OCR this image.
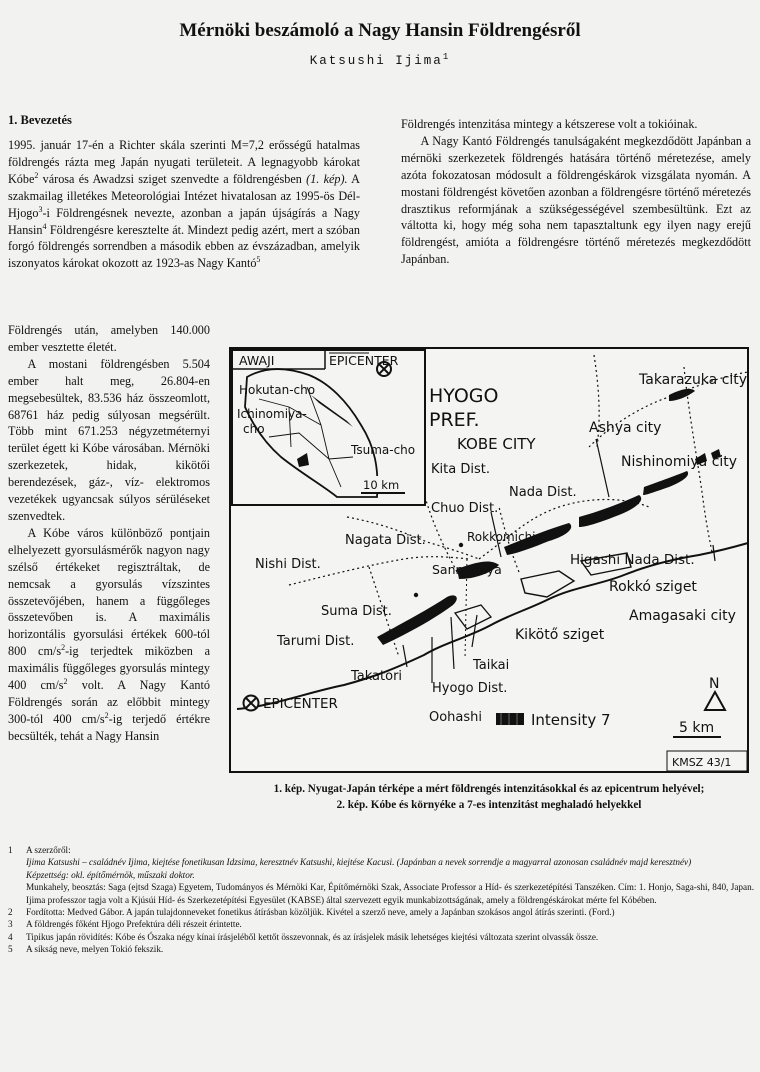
Mérnöki beszámoló a Nagy Hansin Földrengésről
Katsushi Ijima$^1$
1. Bevezetés

1995. január 17-én a Richter skála szerinti M=7,2 erősségű hatalmas földrengés rázta meg Japán nyugati területeit. A legnagyobb károkat Kóbe$^2$ városa és Awadzsi sziget szenvedte a földrengésben (1. kép). A szakmailag illetékes Meteorológiai Intézet hivatalosan az 1995-ös Dél-Hjogo$^3$-i Földrengésnek nevezte, azonban a japán újságírás a Nagy Hansin$^4$ Földrengésre keresztelte át. Mindezt pedig azért, mert a szóban forgó földrengés sorrendben a második ebben az évszázadban, amelyik iszonyatos károkat okozott az 1923-as Nagy Kantó$^5$

Földrengés után, amelyben 140.000 ember vesztette életét.

A mostani földrengésben 5.504 ember halt meg, 26.804-en megsebesültek, 83.536 ház összeomlott, 68761 ház pedig súlyosan megsérült. Több mint 671.253 négyzetméternyi terület égett ki Kóbe városában. Mérnöki szerkezetek, hidak, kikötői berendezések, gáz-, víz- elektromos vezetékek ugyancsak súlyos sérüléseket szenvedtek.

A Kóbe város különböző pontjain elhelyezett gyorsulásmérők nagyon nagy szélső értékeket regisztráltak, de nemcsak a gyorsulás vízszintes összetevőjében, hanem a függőleges összetevőben is. A maximális horizontális gyorsulási értékek 600-tól 800 $cm/s^2-ig$ terjedtek miközben a maximális függőleges gyorsulás mintegy 400 $cm/s^2$ volt. A Nagy Kantó Földrengés során az előbbit mintegy 300-tól 400 $cm/s^2-ig$ terjedő értékre becsülték, tehát a Nagy Hansin

Földrengés intenzitása mintegy a kétszerese volt a tokióinak.

A Nagy Kantó Földrengés tanulságaként megkezdődött Japánban a mérnöki szerkezetek földrengés hatására történő méretezése, amely azóta fokozatosan módosult a földrengéskárok vizsgálata nyomán. A mostani földrengést követően azonban a földrengésre történő méretezés drasztikus reformjának a szükségességével szembesültünk. Ezt az váltotta ki, hogy még soha nem tapasztaltunk egy ilyen nagy erejű földrengést, amióta a földrengésre történő méretezés megkezdődött Japánban.

AWAJI	EPICENTER
Hokutan-cho
Ichinomiya-
cho
Tsuma-cho
10 km
HYOGO
PREF.
KOBE CITY
Kita Dist.
Chuo Dist.
Nada Dist.
Nagata Dist.	Rokkomichi
Sannomiya
Nishi Dist.
Suma Dist.
Tarumi Dist.
Takatori
Hyogo Dist.
Taikai
Oohashi
EPICENTER
Takarazuka city
Ashya city
Nishinomiya city
Higashi Nada Dist.
Rokkó sziget
Amagasaki city
Kikötő sziget
N
Intensity 7	5 km
KMSZ 43/1
1. kép. Nyugat-Japán térképe a mért földrengés intenzitásokkal és az epicentrum helyével;
2. kép. Kóbe és környéke a 7-es intenzitást meghaladó helyekkel
1 A szerzőről:
Ijima Katsushi – családnév Ijima, kiejtése fonetikusan Idzsima, keresztnév Katsushi, kiejtése Kacusi. (Japánban a nevek sorrendje a magyarral azonosan családnév majd keresztnév)
Képzettség: okl. építőmérnök, műszaki doktor.
Munkahely, beosztás: Saga (ejtsd Szaga) Egyetem, Tudományos és Mérnöki Kar, Építőmérnöki Szak, Associate Professor a Híd- és szerkezetépítési Tanszéken. Cím: 1. Honjo, Saga-shi, 840, Japan. Ijima professzor tagja volt a Kjúsúi Híd- és Szerkezetépítési Egyesület (KABSE) által szervezett egyik munkabizottságának, amely a földrengéskárokat mérte fel Kóbében.
2 Fordította: Medved Gábor. A japán tulajdonneveket fonetikus átírásban közöljük. Kivétel a szerző neve, amely a Japánban szokásos angol átírás szerinti. (Ford.)
3 A földrengés főként Hjogo Prefektúra déli részeit érintette.
4 Tipikus japán rövidítés: Kóbe és Ószaka négy kínai írásjeléből kettőt összevonnak, és az írásjelek másik lehetséges kiejtési változata szerint olvassák össze.
5 A síkság neve, melyen Tokió fekszik.
